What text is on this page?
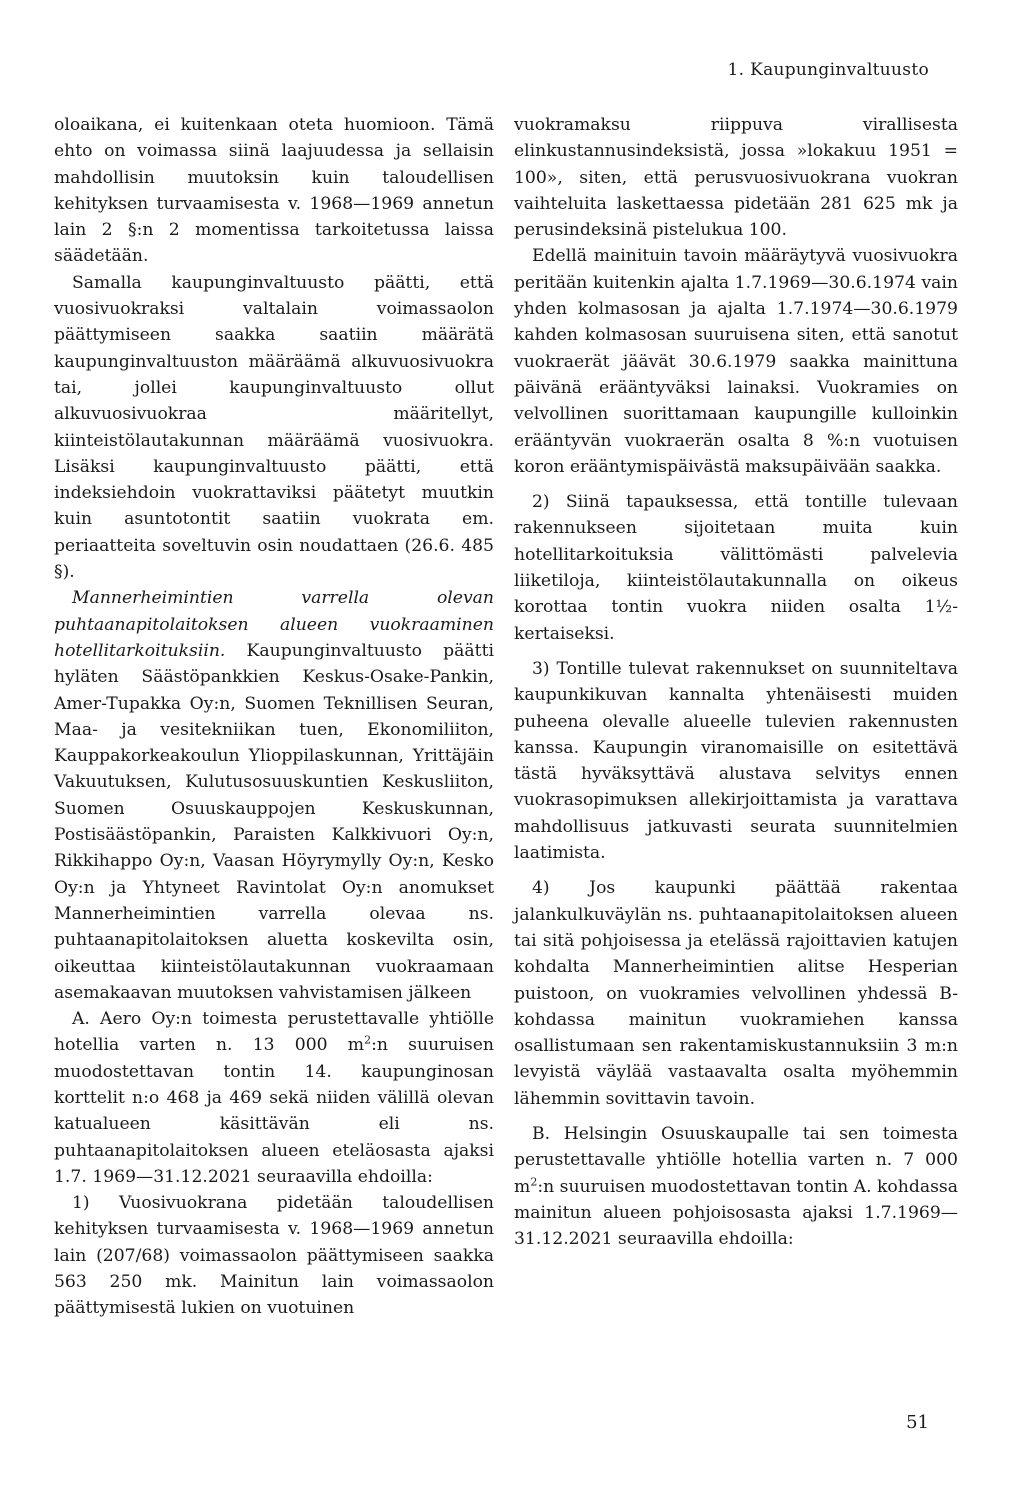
1. Kaupunginvaltuusto

oloaikana, ei kuitenkaan oteta huomioon. Tämä ehto on voimassa siinä laajuudessa ja sellaisin mahdollisin muutoksin kuin taloudellisen kehityksen turvaamisesta v. 1968—1969 annetun lain 2 §:n 2 momentissa tarkoitetussa laissa säädetään.

Samalla kaupunginvaltuusto päätti, että vuosivuokraksi valtalain voimassaolon päättymiseen saakka saatiin määrätä kaupunginvaltuuston määräämä alkuvuosivuokra tai, jollei kaupunginvaltuusto ollut alkuvuosivuokraa määritellyt, kiinteistölautakunnan määräämä vuosivuokra. Lisäksi kaupunginvaltuusto päätti, että indeksiehdoin vuokrattaviksi päätetyt muutkin kuin asuntotontit saatiin vuokrata em. periaatteita soveltuvin osin noudattaen (26.6. 485 §).

Mannerheimintien varrella olevan puhtaanapitolaitoksen alueen vuokraaminen hotellitarkoituksiin. Kaupunginvaltuusto päätti hyläten Säästöpankkien Keskus-Osake-Pankin, Amer-Tupakka Oy:n, Suomen Teknillisen Seuran, Maa- ja vesitekniikan tuen, Ekonomiliiton, Kauppakorkeakoulun Ylioppilaskunnan, Yrittäjäin Vakuutuksen, Kulutusosuuskuntien Keskusliiton, Suomen Osuuskauppojen Keskuskunnan, Postisäästöpankin, Paraisten Kalkkivuori Oy:n, Rikkihappo Oy:n, Vaasan Höyrymylly Oy:n, Kesko Oy:n ja Yhtyneet Ravintolat Oy:n anomukset Mannerheimintien varrella olevaa ns. puhtaanapitolaitoksen aluetta koskevilta osin, oikeuttaa kiinteistölautakunnan vuokraamaan asemakaavan muutoksen vahvistamisen jälkeen

A. Aero Oy:n toimesta perustettavalle yhtiölle hotellia varten n. 13 000 $m^2:n$ suuruisen muodostettavan tontin 14. kaupunginosan korttelit n:o 468 ja 469 sekä niiden välillä olevan katualueen käsittävän eli ns. puhtaanapitolaitoksen alueen eteläosasta ajaksi 1.7. 1969—31.12.2021 seuraavilla ehdoilla:

1) Vuosivuokrana pidetään taloudellisen kehityksen turvaamisesta v. 1968—1969 annetun lain (207/68) voimassaolon päättymiseen saakka 563 250 mk. Mainitun lain voimassaolon päättymisestä lukien on vuotuinen

vuokramaksu riippuva virallisesta elinkustannusindeksistä, jossa »lokakuu 1951 = 100», siten, että perusvuosivuokrana vuokran vaihteluita laskettaessa pidetään 281 625 mk ja perusindeksinä pistelukua 100.

Edellä mainituin tavoin määräytyvä vuosivuokra peritään kuitenkin ajalta 1.7.1969—30.6.1974 vain yhden kolmasosan ja ajalta 1.7.1974—30.6.1979 kahden kolmasosan suuruisena siten, että sanotut vuokraerät jäävät 30.6.1979 saakka mainittuna päivänä erääntyväksi lainaksi. Vuokramies on velvollinen suorittamaan kaupungille kulloinkin erääntyvän vuokraerän osalta 8 %:n vuotuisen koron erääntymispäivästä maksupäivään saakka.

2) Siinä tapauksessa, että tontille tulevaan rakennukseen sijoitetaan muita kuin hotellitarkoituksia välittömästi palvelevia liiketiloja, kiinteistölautakunnalla on oikeus korottaa tontin vuokra niiden osalta 1½-kertaiseksi.

3) Tontille tulevat rakennukset on suunniteltava kaupunkikuvan kannalta yhtenäisesti muiden puheena olevalle alueelle tulevien rakennusten kanssa. Kaupungin viranomaisille on esitettävä tästä hyväksyttävä alustava selvitys ennen vuokrasopimuksen allekirjoittamista ja varattava mahdollisuus jatkuvasti seurata suunnitelmien laatimista.

4) Jos kaupunki päättää rakentaa jalankulkuväylän ns. puhtaanapitolaitoksen alueen tai sitä pohjoisessa ja etelässä rajoittavien katujen kohdalta Mannerheimintien alitse Hesperian puistoon, on vuokramies velvollinen yhdessä B-kohdassa mainitun vuokramiehen kanssa osallistumaan sen rakentamiskustannuksiin 3 m:n levyistä väylää vastaavalta osalta myöhemmin lähemmin sovittavin tavoin.

B. Helsingin Osuuskaupalle tai sen toimesta perustettavalle yhtiölle hotellia varten n. 7 000 $m^2:n$ suuruisen muodostettavan tontin A. kohdassa mainitun alueen pohjoisosasta ajaksi 1.7.1969—31.12.2021 seuraavilla ehdoilla:

51
